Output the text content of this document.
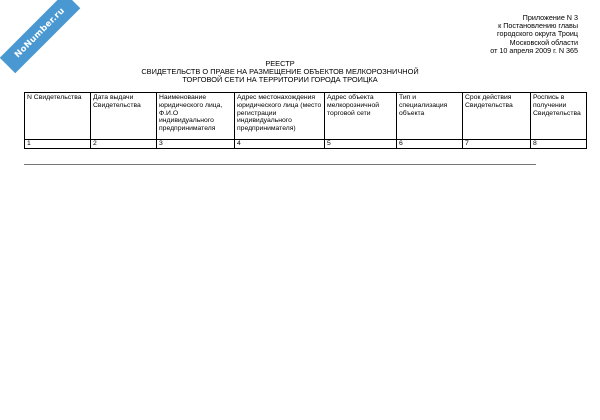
NoNumber.ru	Приложение N 3
к Постановлению главы
городского округа Троиц
Московской области
от 10 апреля 2009 г. N 365
РЕЕСТР
СВИДЕТЕЛЬСТВ О ПРАВЕ НА РАЗМЕЩЕНИЕ ОБЪЕКТОВ МЕЛКОРОЗНИЧНОЙ
ТОРГОВОЙ СЕТИ НА ТЕРРИТОРИИ ГОРОДА ТРОИЦКА
N Свидетельства	Дата выдачи Свидетельства	Наименование юридического лица, Ф.И.О индивидуального предпринимателя	Адрес местонахождения юридического лица (место регистрации индивидуального предпринимателя)	Адрес объекта мелкорозничной торговой сети	Тип и специализация объекта	Срок действия Свидетельства	Роспись в получении Свидетельства
1	2	3	4	5	6	7	8
